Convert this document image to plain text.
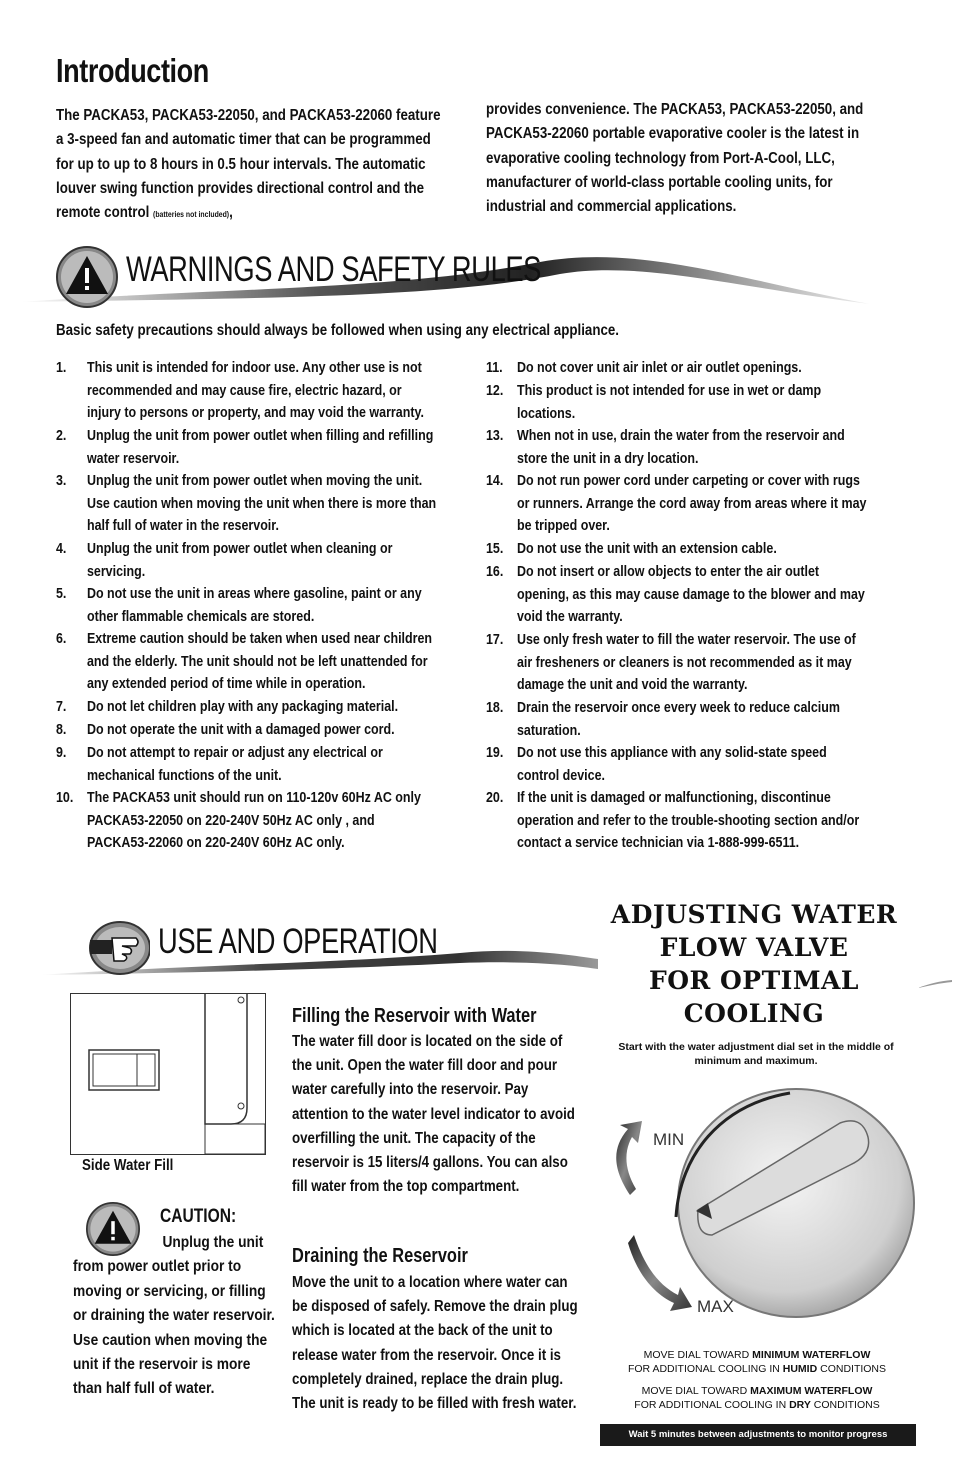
Introduction
The PACKA53, PACKA53-22050, and PACKA53-22060 feature a 3-speed fan and automatic timer that can be programmed for up to up to 8 hours in 0.5 hour intervals. The automatic louver swing function provides directional control and the remote control (batteries not included),
provides convenience. The PACKA53, PACKA53-22050, and PACKA53-22060 portable evaporative cooler is the latest in evaporative cooling technology from Port-A-Cool, LLC, manufacturer of world-class portable cooling units, for industrial and commercial applications.
WARNINGS AND SAFETY RULES
Basic safety precautions should always be followed when using any electrical appliance.
1. This unit is intended for indoor use. Any other use is not recommended and may cause fire, electric hazard, or injury to persons or property, and may void the warranty.
2. Unplug the unit from power outlet when filling and refilling water reservoir.
3. Unplug the unit from power outlet when moving the unit. Use caution when moving the unit when there is more than half full of water in the reservoir.
4. Unplug the unit from power outlet when cleaning or servicing.
5. Do not use the unit in areas where gasoline, paint or any other flammable chemicals are stored.
6. Extreme caution should be taken when used near children and the elderly. The unit should not be left unattended for any extended period of time while in operation.
7. Do not let children play with any packaging material.
8. Do not operate the unit with a damaged power cord.
9. Do not attempt to repair or adjust any electrical or mechanical functions of the unit.
10. The PACKA53 unit should run on 110-120v 60Hz AC only PACKA53-22050 on 220-240V 50Hz AC only , and PACKA53-22060 on 220-240V 60Hz AC only.
11. Do not cover unit air inlet or air outlet openings.
12. This product is not intended for use in wet or damp locations.
13. When not in use, drain the water from the reservoir and store the unit in a dry location.
14. Do not run power cord under carpeting or cover with rugs or runners. Arrange the cord away from areas where it may be tripped over.
15. Do not use the unit with an extension cable.
16. Do not insert or allow objects to enter the air outlet opening, as this may cause damage to the blower and may void the warranty.
17. Use only fresh water to fill the water reservoir. The use of air fresheners or cleaners is not recommended as it may damage the unit and void the warranty.
18. Drain the reservoir once every week to reduce calcium saturation.
19. Do not use this appliance with any solid-state speed control device.
20. If the unit is damaged or malfunctioning, discontinue operation and refer to the trouble-shooting section and/or contact a service technician via 1-888-999-6511.
USE AND OPERATION
Side Water Fill
CAUTION:
Unplug the unit from power outlet prior to moving or servicing, or filling or draining the water reservoir. Use caution when moving the unit if the reservoir is more than half full of water.
Filling the Reservoir with Water
The water fill door is located on the side of the unit. Open the water fill door and pour water carefully into the reservoir. Pay attention to the water level indicator to avoid overfilling the unit. The capacity of the reservoir is 15 liters/4 gallons. You can also fill water from the top compartment.
Draining the Reservoir
Move the unit to a location where water can be disposed of safely. Remove the drain plug which is located at the back of the unit to release water from the reservoir. Once it is completely drained, replace the drain plug. The unit is ready to be filled with fresh water.
ADJUSTING WATER
FLOW VALVE
FOR OPTIMAL
COOLING
Start with the water adjustment dial set in the middle of minimum and maximum.
MIN
MAX
MOVE DIAL TOWARD MINIMUM WATERFLOW
FOR ADDITIONAL COOLING IN HUMID CONDITIONS
MOVE DIAL TOWARD MAXIMUM WATERFLOW
FOR ADDITIONAL COOLING IN DRY CONDITIONS
Wait 5 minutes between adjustments to monitor progress
